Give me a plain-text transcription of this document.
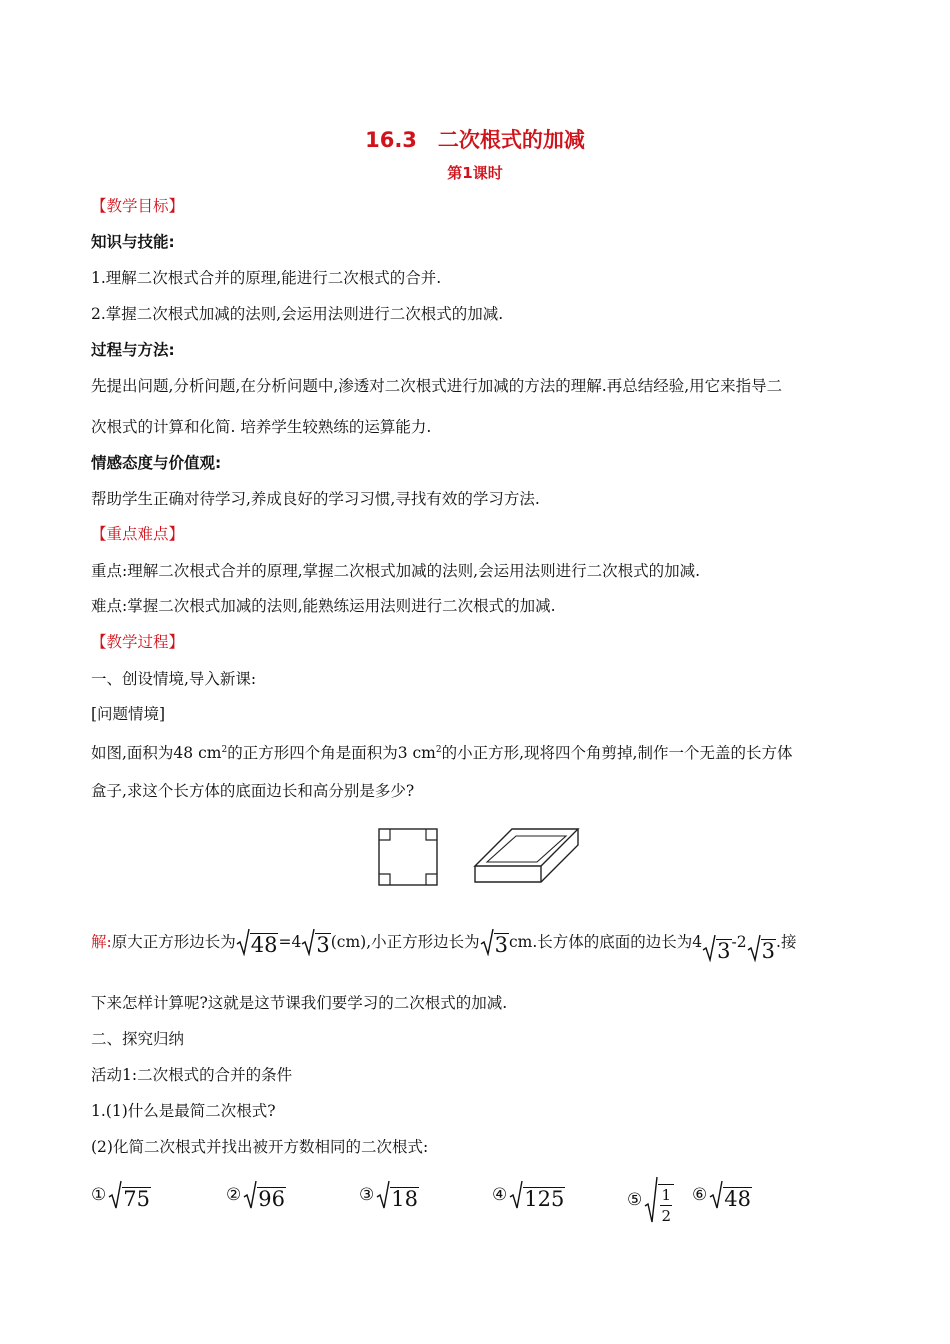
16.3　二次根式的加减
第1课时
【教学目标】
知识与技能:
1.理解二次根式合并的原理,能进行二次根式的合并.
2.掌握二次根式加减的法则,会运用法则进行二次根式的加减.
过程与方法:
先提出问题,分析问题,在分析问题中,渗透对二次根式进行加减的方法的理解.再总结经验,用它来指导二
次根式的计算和化简. 培养学生较熟练的运算能力.
情感态度与价值观:
帮助学生正确对待学习,养成良好的学习习惯,寻找有效的学习方法.
【重点难点】
重点:理解二次根式合并的原理,掌握二次根式加减的法则,会运用法则进行二次根式的加减.
难点:掌握二次根式加减的法则,能熟练运用法则进行二次根式的加减.
【教学过程】
一、创设情境,导入新课:
[问题情境]
如图,面积为48 $cm^2$的正方形四个角是面积为3 $cm^2$的小正方形,现将四个角剪掉,制作一个无盖的长方体
盒子,求这个长方体的底面边长和高分别是多少?
解: 原大正方形边长为 48 =4 3 (cm),小正方形边长为 3 cm.长方体的底面的边长为4 3 -2 3 .接
下来怎样计算呢?这就是这节课我们要学习的二次根式的加减.
二、探究归纳
活动1:二次根式的合并的条件
1.(1)什么是最简二次根式?
(2)化简二次根式并找出被开方数相同的二次根式:
① 75	② 96	③ 18	④ 125	⑤ $\frac{1}{2}$ ⑥ 48
